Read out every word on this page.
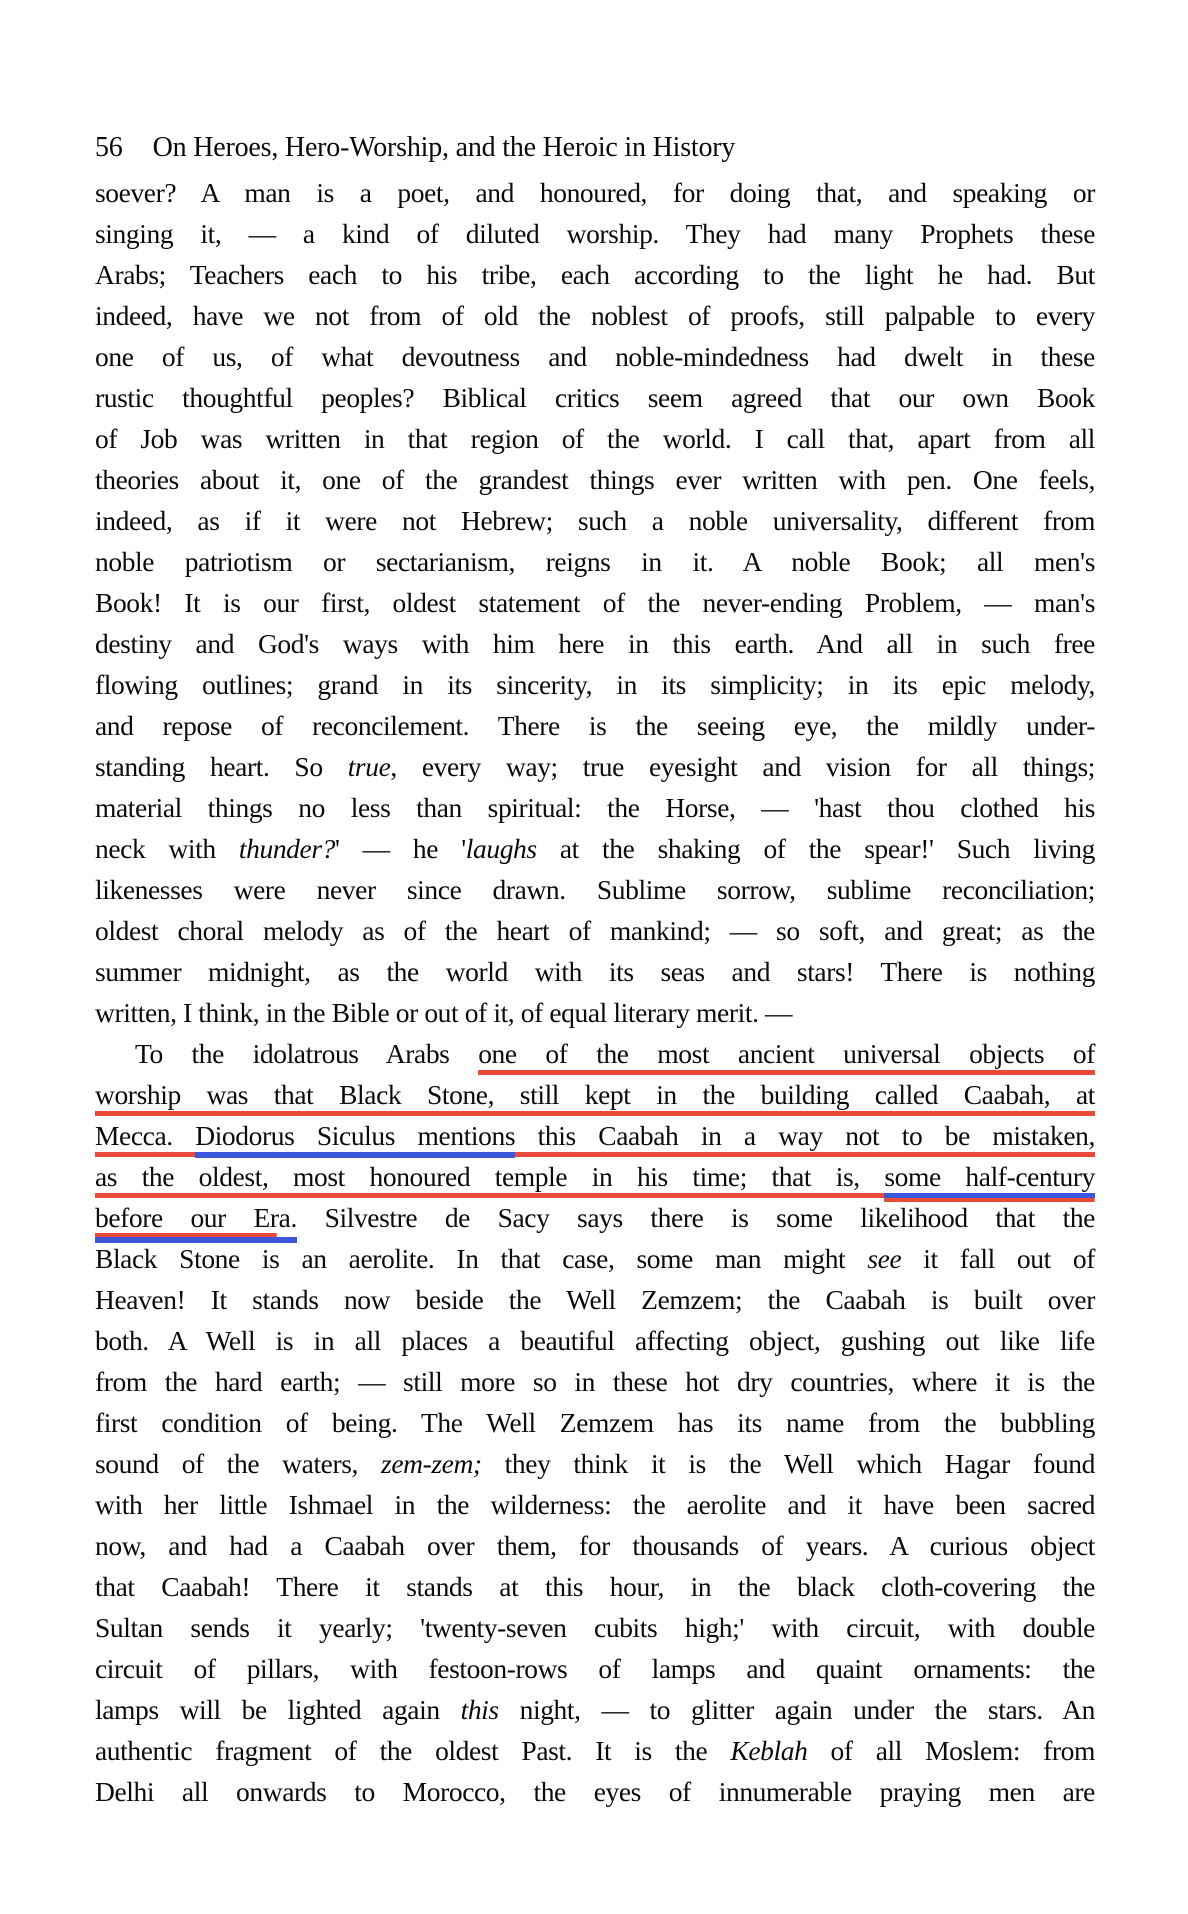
56 On Heroes, Hero-Worship, and the Heroic in History
soever? A man is a poet, and honoured, for doing that, and speaking or
singing it, — a kind of diluted worship. They had many Prophets these
Arabs; Teachers each to his tribe, each according to the light he had. But
indeed, have we not from of old the noblest of proofs, still palpable to every
one of us, of what devoutness and noble-mindedness had dwelt in these
rustic thoughtful peoples? Biblical critics seem agreed that our own Book
of Job was written in that region of the world. I call that, apart from all
theories about it, one of the grandest things ever written with pen. One feels,
indeed, as if it were not Hebrew; such a noble universality, different from
noble patriotism or sectarianism, reigns in it. A noble Book; all men's
Book! It is our first, oldest statement of the never-ending Problem, — man's
destiny and God's ways with him here in this earth. And all in such free
flowing outlines; grand in its sincerity, in its simplicity; in its epic melody,
and repose of reconcilement. There is the seeing eye, the mildly under-
standing heart. So true, every way; true eyesight and vision for all things;
material things no less than spiritual: the Horse, — 'hast thou clothed his
neck with thunder?' — he 'laughs at the shaking of the spear!' Such living
likenesses were never since drawn. Sublime sorrow, sublime reconciliation;
oldest choral melody as of the heart of mankind; — so soft, and great; as the
summer midnight, as the world with its seas and stars! There is nothing
written, I think, in the Bible or out of it, of equal literary merit. —
To the idolatrous Arabs one of the most ancient universal objects of
worship was that Black Stone, still kept in the building called Caabah, at
Mecca. Diodorus Siculus mentions this Caabah in a way not to be mistaken,
as the oldest, most honoured temple in his time; that is, some half-century
before our Era. Silvestre de Sacy says there is some likelihood that the
Black Stone is an aerolite. In that case, some man might see it fall out of
Heaven! It stands now beside the Well Zemzem; the Caabah is built over
both. A Well is in all places a beautiful affecting object, gushing out like life
from the hard earth; — still more so in these hot dry countries, where it is the
first condition of being. The Well Zemzem has its name from the bubbling
sound of the waters, zem-zem; they think it is the Well which Hagar found
with her little Ishmael in the wilderness: the aerolite and it have been sacred
now, and had a Caabah over them, for thousands of years. A curious object
that Caabah! There it stands at this hour, in the black cloth-covering the
Sultan sends it yearly; 'twenty-seven cubits high;' with circuit, with double
circuit of pillars, with festoon-rows of lamps and quaint ornaments: the
lamps will be lighted again this night, — to glitter again under the stars. An
authentic fragment of the oldest Past. It is the Keblah of all Moslem: from
Delhi all onwards to Morocco, the eyes of innumerable praying men are
